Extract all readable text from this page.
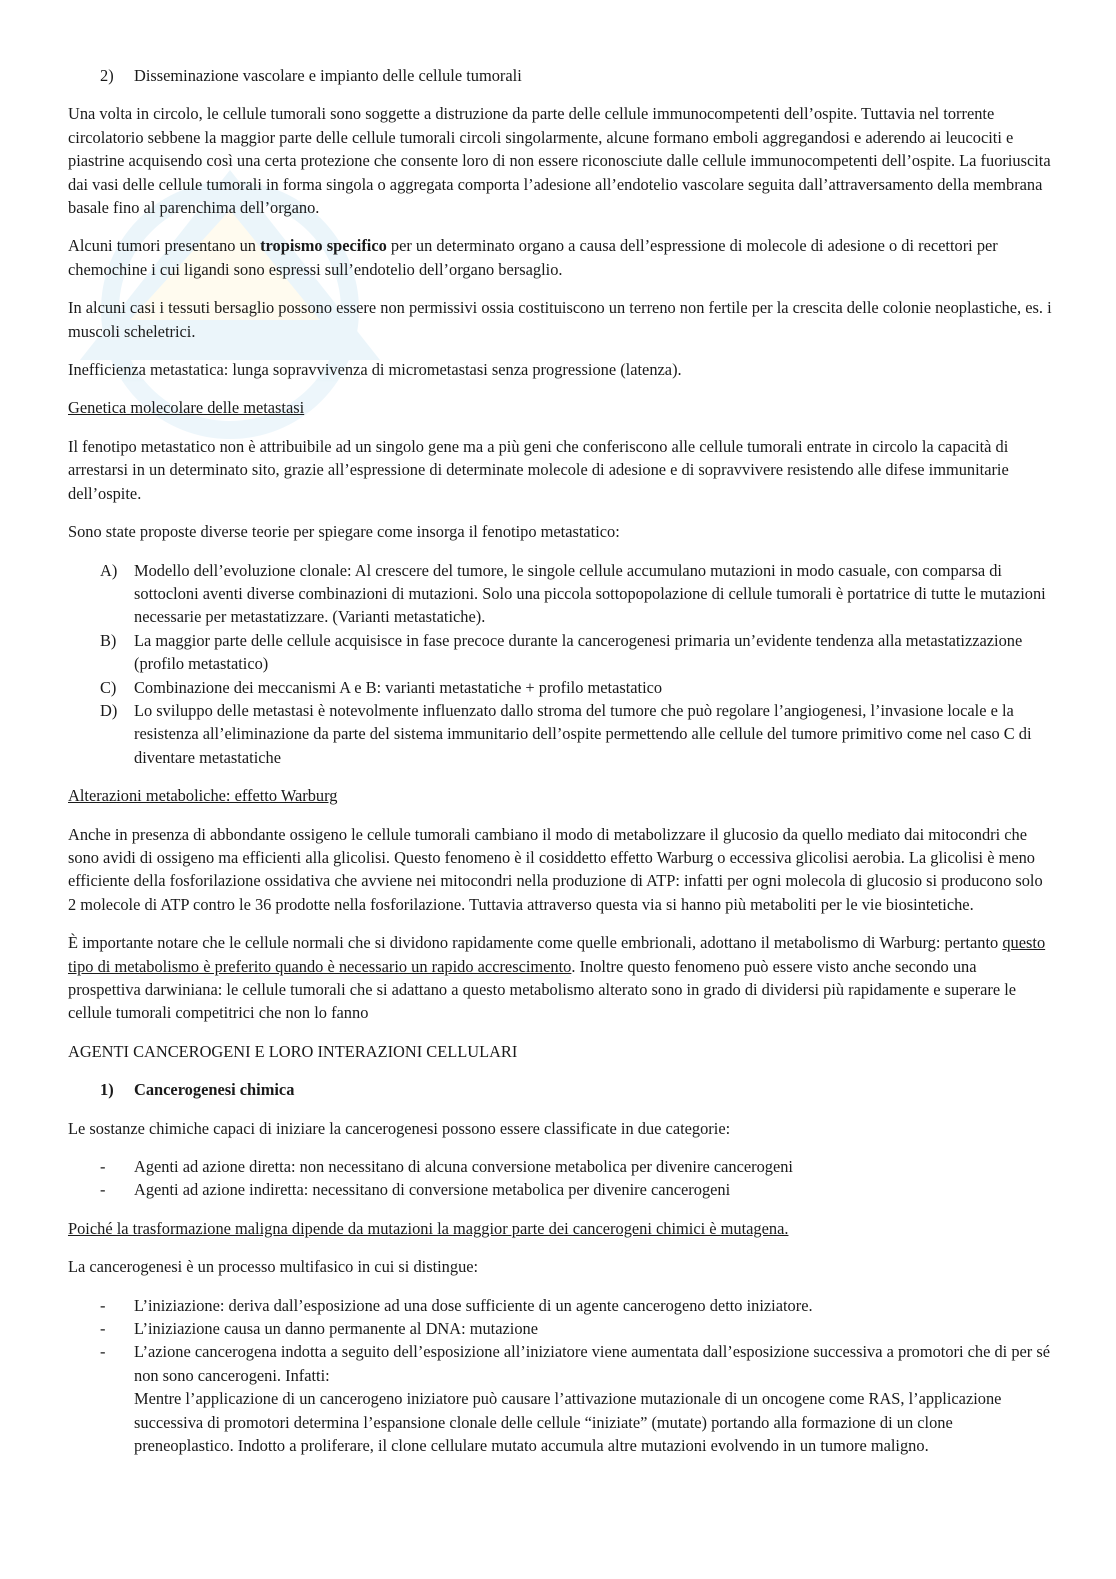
2)	Disseminazione vascolare e impianto delle cellule tumorali

Una volta in circolo, le cellule tumorali sono soggette a distruzione da parte delle cellule immunocompetenti dell’ospite. Tuttavia nel torrente circolatorio sebbene la maggior parte delle cellule tumorali circoli singolarmente, alcune formano emboli aggregandosi e aderendo ai leucociti e piastrine acquisendo così una certa protezione che consente loro di non essere riconosciute dalle cellule immunocompetenti dell’ospite. La fuoriuscita dai vasi delle cellule tumorali in forma singola o aggregata comporta l’adesione all’endotelio vascolare seguita dall’attraversamento della membrana basale fino al parenchima dell’organo.

Alcuni tumori presentano un tropismo specifico per un determinato organo a causa dell’espressione di molecole di adesione o di recettori per chemochine i cui ligandi sono espressi sull’endotelio dell’organo bersaglio.

In alcuni casi i tessuti bersaglio possono essere non permissivi ossia costituiscono un terreno non fertile per la crescita delle colonie neoplastiche, es. i muscoli scheletrici.

Inefficienza metastatica: lunga sopravvivenza di micrometastasi senza progressione (latenza).

Genetica molecolare delle metastasi

Il fenotipo metastatico non è attribuibile ad un singolo gene ma a più geni che conferiscono alle cellule tumorali entrate in circolo la capacità di arrestarsi in un determinato sito, grazie all’espressione di determinate molecole di adesione e di sopravvivere resistendo alle difese immunitarie dell’ospite.

Sono state proposte diverse teorie per spiegare come insorga il fenotipo metastatico:

A)	Modello dell’evoluzione clonale: Al crescere del tumore, le singole cellule accumulano mutazioni in modo casuale, con comparsa di sottocloni aventi diverse combinazioni di mutazioni. Solo una piccola sottopopolazione di cellule tumorali è portatrice di tutte le mutazioni necessarie per metastatizzare. (Varianti metastatiche).
B)	La maggior parte delle cellule acquisisce in fase precoce durante la cancerogenesi primaria un’evidente tendenza alla metastatizzazione (profilo metastatico)
C)	Combinazione dei meccanismi A e B: varianti metastatiche + profilo metastatico
D)	Lo sviluppo delle metastasi è notevolmente influenzato dallo stroma del tumore che può regolare l’angiogenesi, l’invasione locale e la resistenza all’eliminazione da parte del sistema immunitario dell’ospite permettendo alle cellule del tumore primitivo come nel caso C di diventare metastatiche
Alterazioni metaboliche: effetto Warburg

Anche in presenza di abbondante ossigeno le cellule tumorali cambiano il modo di metabolizzare il glucosio da quello mediato dai mitocondri che sono avidi di ossigeno ma efficienti alla glicolisi. Questo fenomeno è il cosiddetto effetto Warburg o eccessiva glicolisi aerobia. La glicolisi è meno efficiente della fosforilazione ossidativa che avviene nei mitocondri nella produzione di ATP: infatti per ogni molecola di glucosio si producono solo 2 molecole di ATP contro le 36 prodotte nella fosforilazione. Tuttavia attraverso questa via si hanno più metaboliti per le vie biosintetiche.

È importante notare che le cellule normali che si dividono rapidamente come quelle embrionali, adottano il metabolismo di Warburg: pertanto questo tipo di metabolismo è preferito quando è necessario un rapido accrescimento. Inoltre questo fenomeno può essere visto anche secondo una prospettiva darwiniana: le cellule tumorali che si adattano a questo metabolismo alterato sono in grado di dividersi più rapidamente e superare le cellule tumorali competitrici che non lo fanno

AGENTI CANCEROGENI E LORO INTERAZIONI CELLULARI
1)	Cancerogenesi chimica

Le sostanze chimiche capaci di iniziare la cancerogenesi possono essere classificate in due categorie:

-	Agenti ad azione diretta: non necessitano di alcuna conversione metabolica per divenire cancerogeni
-	Agenti ad azione indiretta: necessitano di conversione metabolica per divenire cancerogeni

Poiché la trasformazione maligna dipende da mutazioni la maggior parte dei cancerogeni chimici è mutagena.

La cancerogenesi è un processo multifasico in cui si distingue:

-	L’iniziazione: deriva dall’esposizione ad una dose sufficiente di un agente cancerogeno detto iniziatore.
-	L’iniziazione causa un danno permanente al DNA: mutazione
-	L’azione cancerogena indotta a seguito dell’esposizione all’iniziatore viene aumentata dall’esposizione successiva a promotori che di per sé non sono cancerogeni. Infatti:
Mentre l’applicazione di un cancerogeno iniziatore può causare l’attivazione mutazionale di un oncogene come RAS, l’applicazione successiva di promotori determina l’espansione clonale delle cellule “iniziate” (mutate) portando alla formazione di un clone preneoplastico. Indotto a proliferare, il clone cellulare mutato accumula altre mutazioni evolvendo in un tumore maligno.
